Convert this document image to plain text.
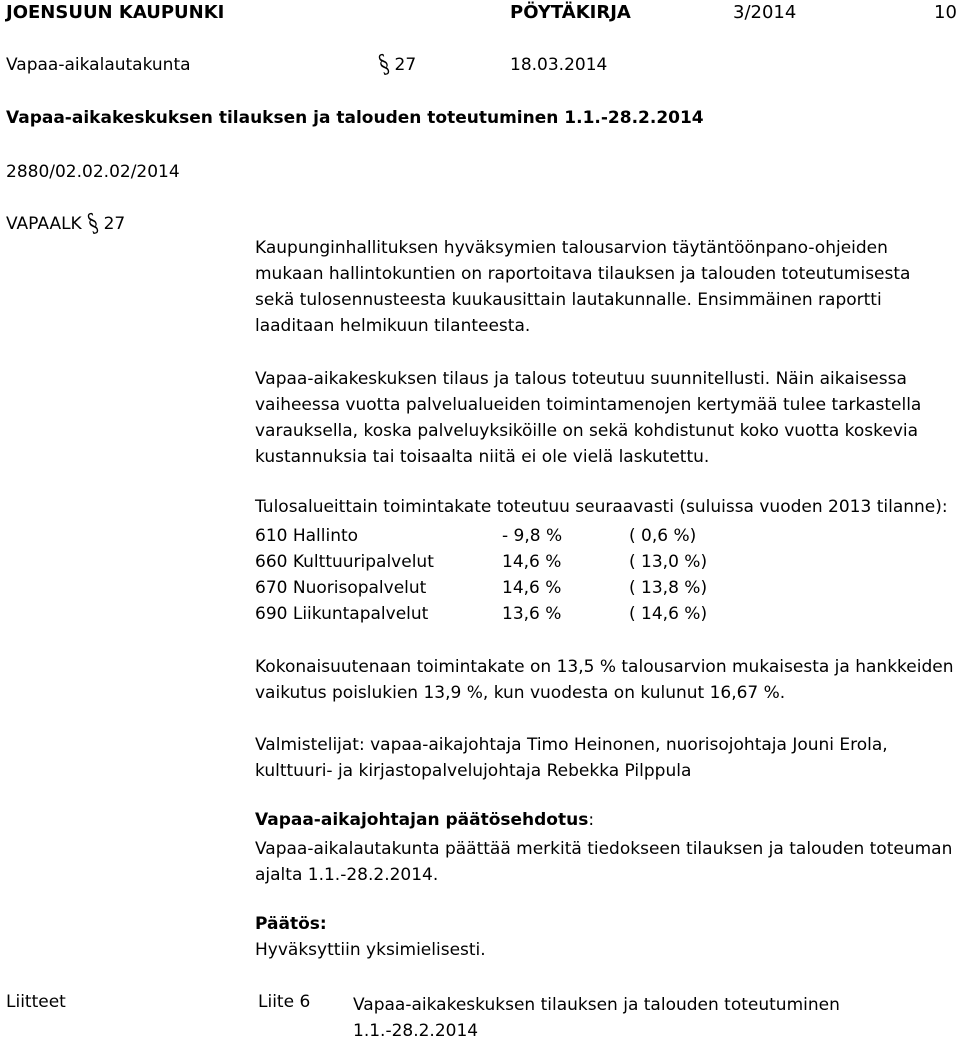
JOENSUUN KAUPUNKI	PÖYTÄKIRJA	3/2014	10
Vapaa-aikalautakunta	§27	18.03.2014
Vapaa-aikakeskuksen tilauksen ja talouden toteutuminen 1.1.-28.2.2014
2880/02.02.02/2014
VAPAALK §27
Kaupunginhallituksen hyväksymien talousarvion täytäntöönpano-ohjeiden mukaan hallintokuntien on raportoitava tilauksen ja talouden toteutumisesta sekä tulosennusteesta kuukausittain lautakunnalle. Ensimmäinen raportti laaditaan helmikuun tilanteesta.
Vapaa-aikakeskuksen tilaus ja talous toteutuu suunnitellusti. Näin aikaisessa vaiheessa vuotta palvelualueiden toimintamenojen kertymää tulee tarkastella varauksella, koska palveluyksiköille on sekä kohdistunut koko vuotta koskevia kustannuksia tai toisaalta niitä ei ole vielä laskutettu.
Tulosalueittain toimintakate toteutuu seuraavasti (suluissa vuoden 2013 tilanne):
610 Hallinto	- 9,8 %	( 0,6 %)
660 Kulttuuripalvelut	14,6 %	( 13,0 %)
670 Nuorisopalvelut	14,6 %	( 13,8 %)
690 Liikuntapalvelut	13,6 %	( 14,6 %)
Kokonaisuutenaan toimintakate on 13,5 % talousarvion mukaisesta ja hankkeiden vaikutus poislukien 13,9 %, kun vuodesta on kulunut 16,67 %.
Valmistelijat: vapaa-aikajohtaja Timo Heinonen, nuorisojohtaja Jouni Erola, kulttuuri- ja kirjastopalvelujohtaja Rebekka Pilppula
Vapaa-aikajohtajan päätösehdotus:
Vapaa-aikalautakunta päättää merkitä tiedokseen tilauksen ja talouden toteuman ajalta 1.1.-28.2.2014.
Päätös:
Hyväksyttiin yksimielisesti.
Liitteet	Liite 6	Vapaa-aikakeskuksen tilauksen ja talouden toteutuminen 1.1.-28.2.2014
